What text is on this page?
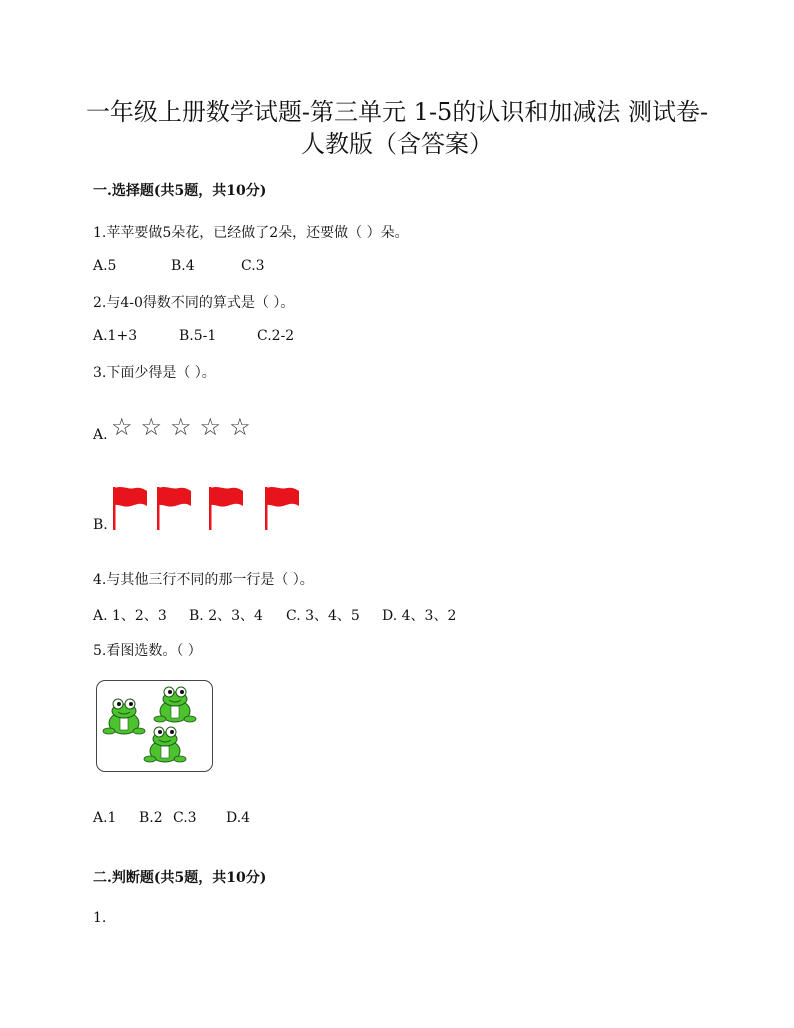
一年级上册数学试题-第三单元 1-5的认识和加减法 测试卷-
人教版（含答案）
一.选择题(共5题，共10分)
1.苹苹要做5朵花，已经做了2朵，还要做（ ）朵。
A.5	B.4	C.3
2.与4-0得数不同的算式是（ ）。
A.1+3	B.5-1	C.2-2
3.下面少得是（ ）。
A. ☆ ☆ ☆ ☆ ☆
B.
4.与其他三行不同的那一行是（ ）。
A. 1、2、3	B. 2、3、4	C. 3、4、5	D. 4、3、2
5.看图选数。（ ）
A.1	B.2 C.3	D.4
二.判断题(共5题，共10分)
1.
